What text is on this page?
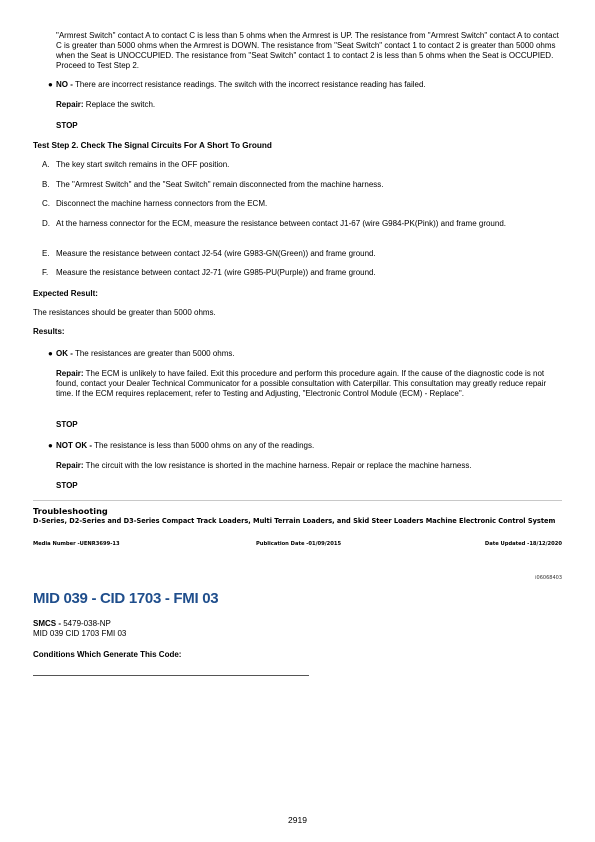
"Armrest Switch" contact A to contact C is less than 5 ohms when the Armrest is UP. The resistance from "Armrest Switch" contact A to contact C is greater than 5000 ohms when the Armrest is DOWN. The resistance from "Seat Switch" contact 1 to contact 2 is greater than 5000 ohms when the Seat is UNOCCUPIED. The resistance from "Seat Switch" contact 1 to contact 2 is less than 5 ohms when the Seat is OCCUPIED. Proceed to Test Step 2.
● NO - There are incorrect resistance readings. The switch with the incorrect resistance reading has failed.
Repair: Replace the switch.
STOP
Test Step 2. Check The Signal Circuits For A Short To Ground
A. The key start switch remains in the OFF position.
B. The "Armrest Switch" and the "Seat Switch" remain disconnected from the machine harness.
C. Disconnect the machine harness connectors from the ECM.
D. At the harness connector for the ECM, measure the resistance between contact J1-67 (wire G984-PK(Pink)) and frame ground.
E. Measure the resistance between contact J2-54 (wire G983-GN(Green)) and frame ground.
F. Measure the resistance between contact J2-71 (wire G985-PU(Purple)) and frame ground.
Expected Result:
The resistances should be greater than 5000 ohms.
Results:
● OK - The resistances are greater than 5000 ohms.
Repair: The ECM is unlikely to have failed. Exit this procedure and perform this procedure again. If the cause of the diagnostic code is not found, contact your Dealer Technical Communicator for a possible consultation with Caterpillar. This consultation may greatly reduce repair time. If the ECM requires replacement, refer to Testing and Adjusting, "Electronic Control Module (ECM) - Replace".
STOP
● NOT OK - The resistance is less than 5000 ohms on any of the readings.
Repair: The circuit with the low resistance is shorted in the machine harness. Repair or replace the machine harness.
STOP
Troubleshooting
D-Series, D2-Series and D3-Series Compact Track Loaders, Multi Terrain Loaders, and Skid Steer Loaders Machine Electronic Control System
Media Number -UENR3699-13	Publication Date -01/09/2015	Date Updated -18/12/2020
i06068403
MID 039 - CID 1703 - FMI 03
SMCS - 5479-038-NP
MID 039 CID 1703 FMI 03
Conditions Which Generate This Code:
2919
